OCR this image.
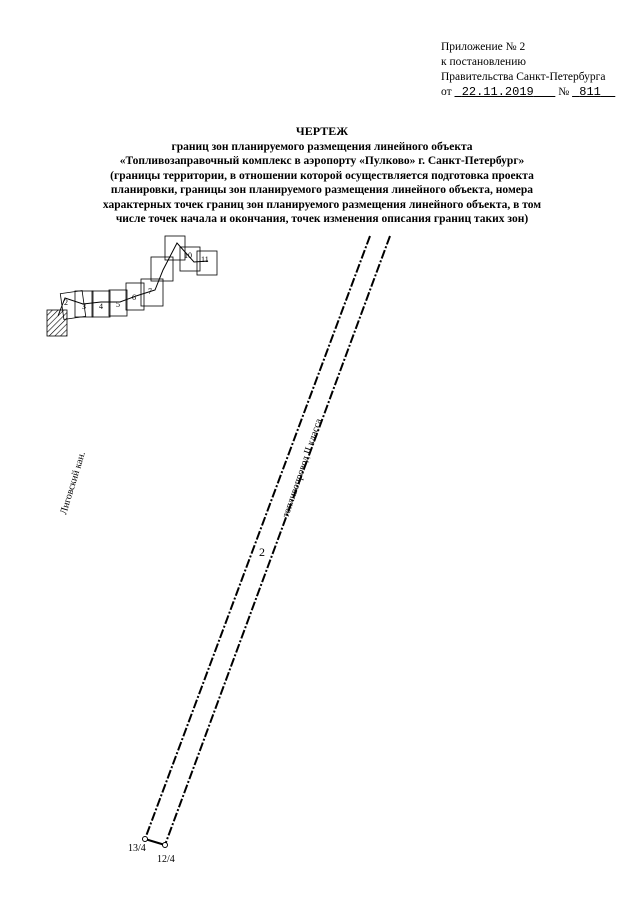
Приложение № 2
к постановлению
Правительства Санкт-Петербурга
от 22.11.2019 № 811
ЧЕРТЕЖ
границ зон планируемого размещения линейного объекта
«Топливозаправочный комплекс в аэропорту «Пулково» г. Санкт-Петербург»
(границы территории, в отношении которой осуществляется подготовка проекта
планировки, границы зон планируемого размещения линейного объекта, номера
характерных точек границ зон планируемого размещения линейного объекта, в том
числе точек начала и окончания, точек изменения описания границ таких зон)
2 3 4 5
6
7
10 11
13/4
12/4
2
топливопровод II класса
Лиговский кан.
